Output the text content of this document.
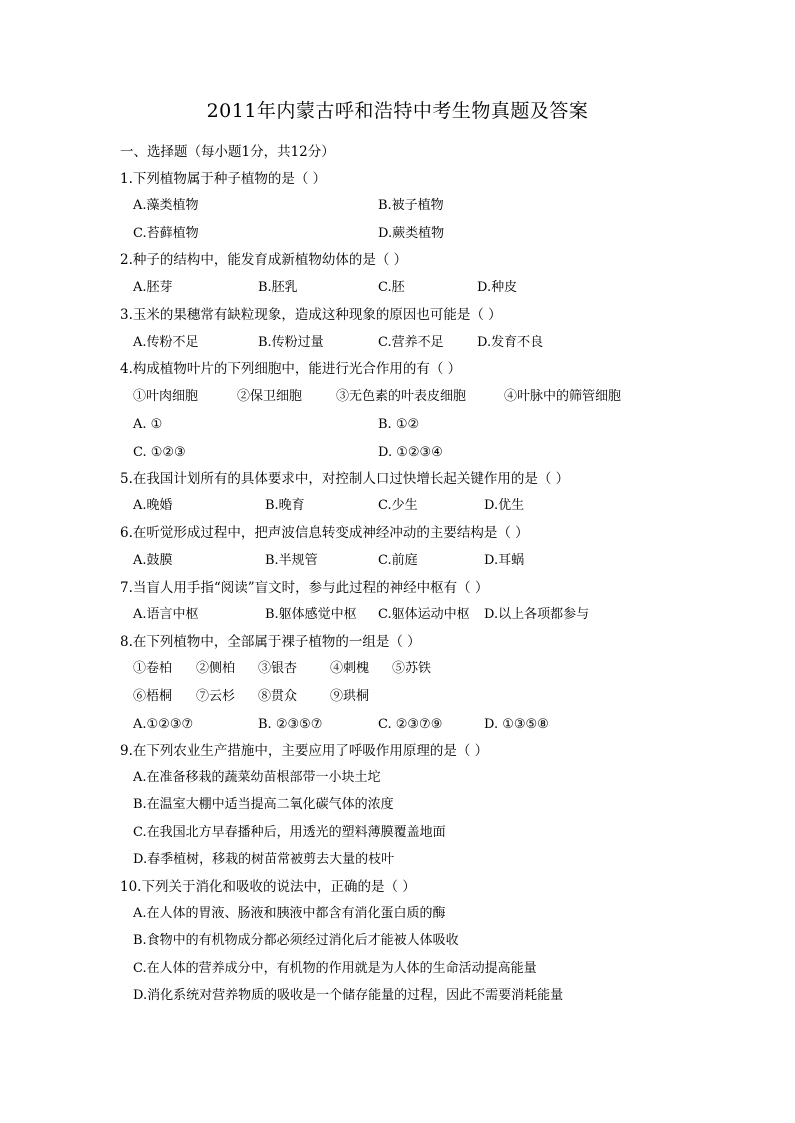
2011年内蒙古呼和浩特中考生物真题及答案
一、选择题（每小题1分，共12分）
1.下列植物属于种子植物的是（ ）
A.藻类植物	B.被子植物
C.苔藓植物	D.蕨类植物
2.种子的结构中，能发育成新植物幼体的是（ ）
A.胚芽	B.胚乳	C.胚	D.种皮
3.玉米的果穗常有缺粒现象，造成这种现象的原因也可能是（ ）
A.传粉不足	B.传粉过量	C.营养不足	D.发育不良
4.构成植物叶片的下列细胞中，能进行光合作用的有（ ）
①叶肉细胞	②保卫细胞	③无色素的叶表皮细胞	④叶脉中的筛管细胞
A. ①	B. ①②
C. ①②③	D. ①②③④
5.在我国计划所有的具体要求中，对控制人口过快增长起关键作用的是（ ）
A.晚婚	B.晚育	C.少生	D.优生
6.在听觉形成过程中，把声波信息转变成神经冲动的主要结构是（ ）
A.鼓膜	B.半规管	C.前庭	D.耳蜗
7.当盲人用手指“阅读”盲文时，参与此过程的神经中枢有（ ）
A.语言中枢	B.躯体感觉中枢 C.躯体运动中枢 D.以上各项都参与
8.在下列植物中，全部属于裸子植物的一组是（ ）
①卷柏 ②侧柏 ③银杏	④刺槐 ⑤苏铁
⑥梧桐 ⑦云杉 ⑧贯众	⑨珙桐
A.①②③⑦	B. ②③⑤⑦	C. ②③⑦⑨	D. ①③⑤⑧
9.在下列农业生产措施中，主要应用了呼吸作用原理的是（ ）
A.在准备移栽的蔬菜幼苗根部带一小块土坨
B.在温室大棚中适当提高二氧化碳气体的浓度
C.在我国北方早春播种后，用透光的塑料薄膜覆盖地面
D.春季植树，移栽的树苗常被剪去大量的枝叶
10.下列关于消化和吸收的说法中，正确的是（ ）
A.在人体的胃液、肠液和胰液中都含有消化蛋白质的酶
B.食物中的有机物成分都必须经过消化后才能被人体吸收
C.在人体的营养成分中，有机物的作用就是为人体的生命活动提高能量
D.消化系统对营养物质的吸收是一个储存能量的过程，因此不需要消耗能量
